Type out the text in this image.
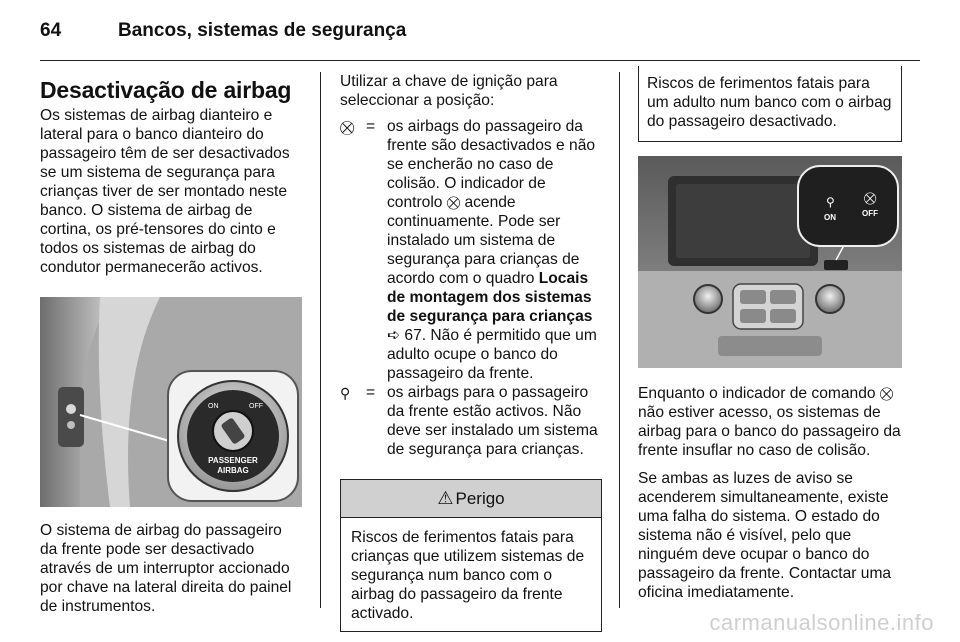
64	Bancos, sistemas de segurança
Desactivação de airbag

Os sistemas de airbag dianteiro e lateral para o banco dianteiro do passageiro têm de ser desactivados se um sistema de segurança para crianças tiver de ser montado neste banco. O sistema de airbag de cortina, os pré-tensores do cinto e todos os sistemas de airbag do condutor permanecerão activos.

ON	OFF
PASSENGER
AIRBAG

O sistema de airbag do passageiro da frente pode ser desactivado através de um interruptor accionado por chave na lateral direita do painel de instrumentos.

Utilizar a chave de ignição para seleccionar a posição:

⛒ = os airbags do passageiro da frente são desactivados e não se encherão no caso de colisão. O indicador de controlo ⛒ acende continuamente. Pode ser instalado um sistema de segurança para crianças de acordo com o quadro Locais de montagem dos sistemas de segurança para crianças ➪ 67. Não é permitido que um adulto ocupe o banco do passageiro da frente.
⚲	= os airbags para o passageiro da frente estão activos. Não deve ser instalado um sistema de segurança para crianças.
⚠ Perigo
Riscos de ferimentos fatais para crianças que utilizem sistemas de segurança num banco com o airbag do passageiro da frente activado.

Riscos de ferimentos fatais para um adulto num banco com o airbag do passageiro desactivado.

⚲ ⛒
ON	OFF

Enquanto o indicador de comando ⛒ não estiver acesso, os sistemas de airbag para o banco do passageiro da frente insuflar no caso de colisão.

Se ambas as luzes de aviso se acenderem simultaneamente, existe uma falha do sistema. O estado do sistema não é visível, pelo que ninguém deve ocupar o banco do passageiro da frente. Contactar uma oficina imediatamente.

carmanualsonline.info
